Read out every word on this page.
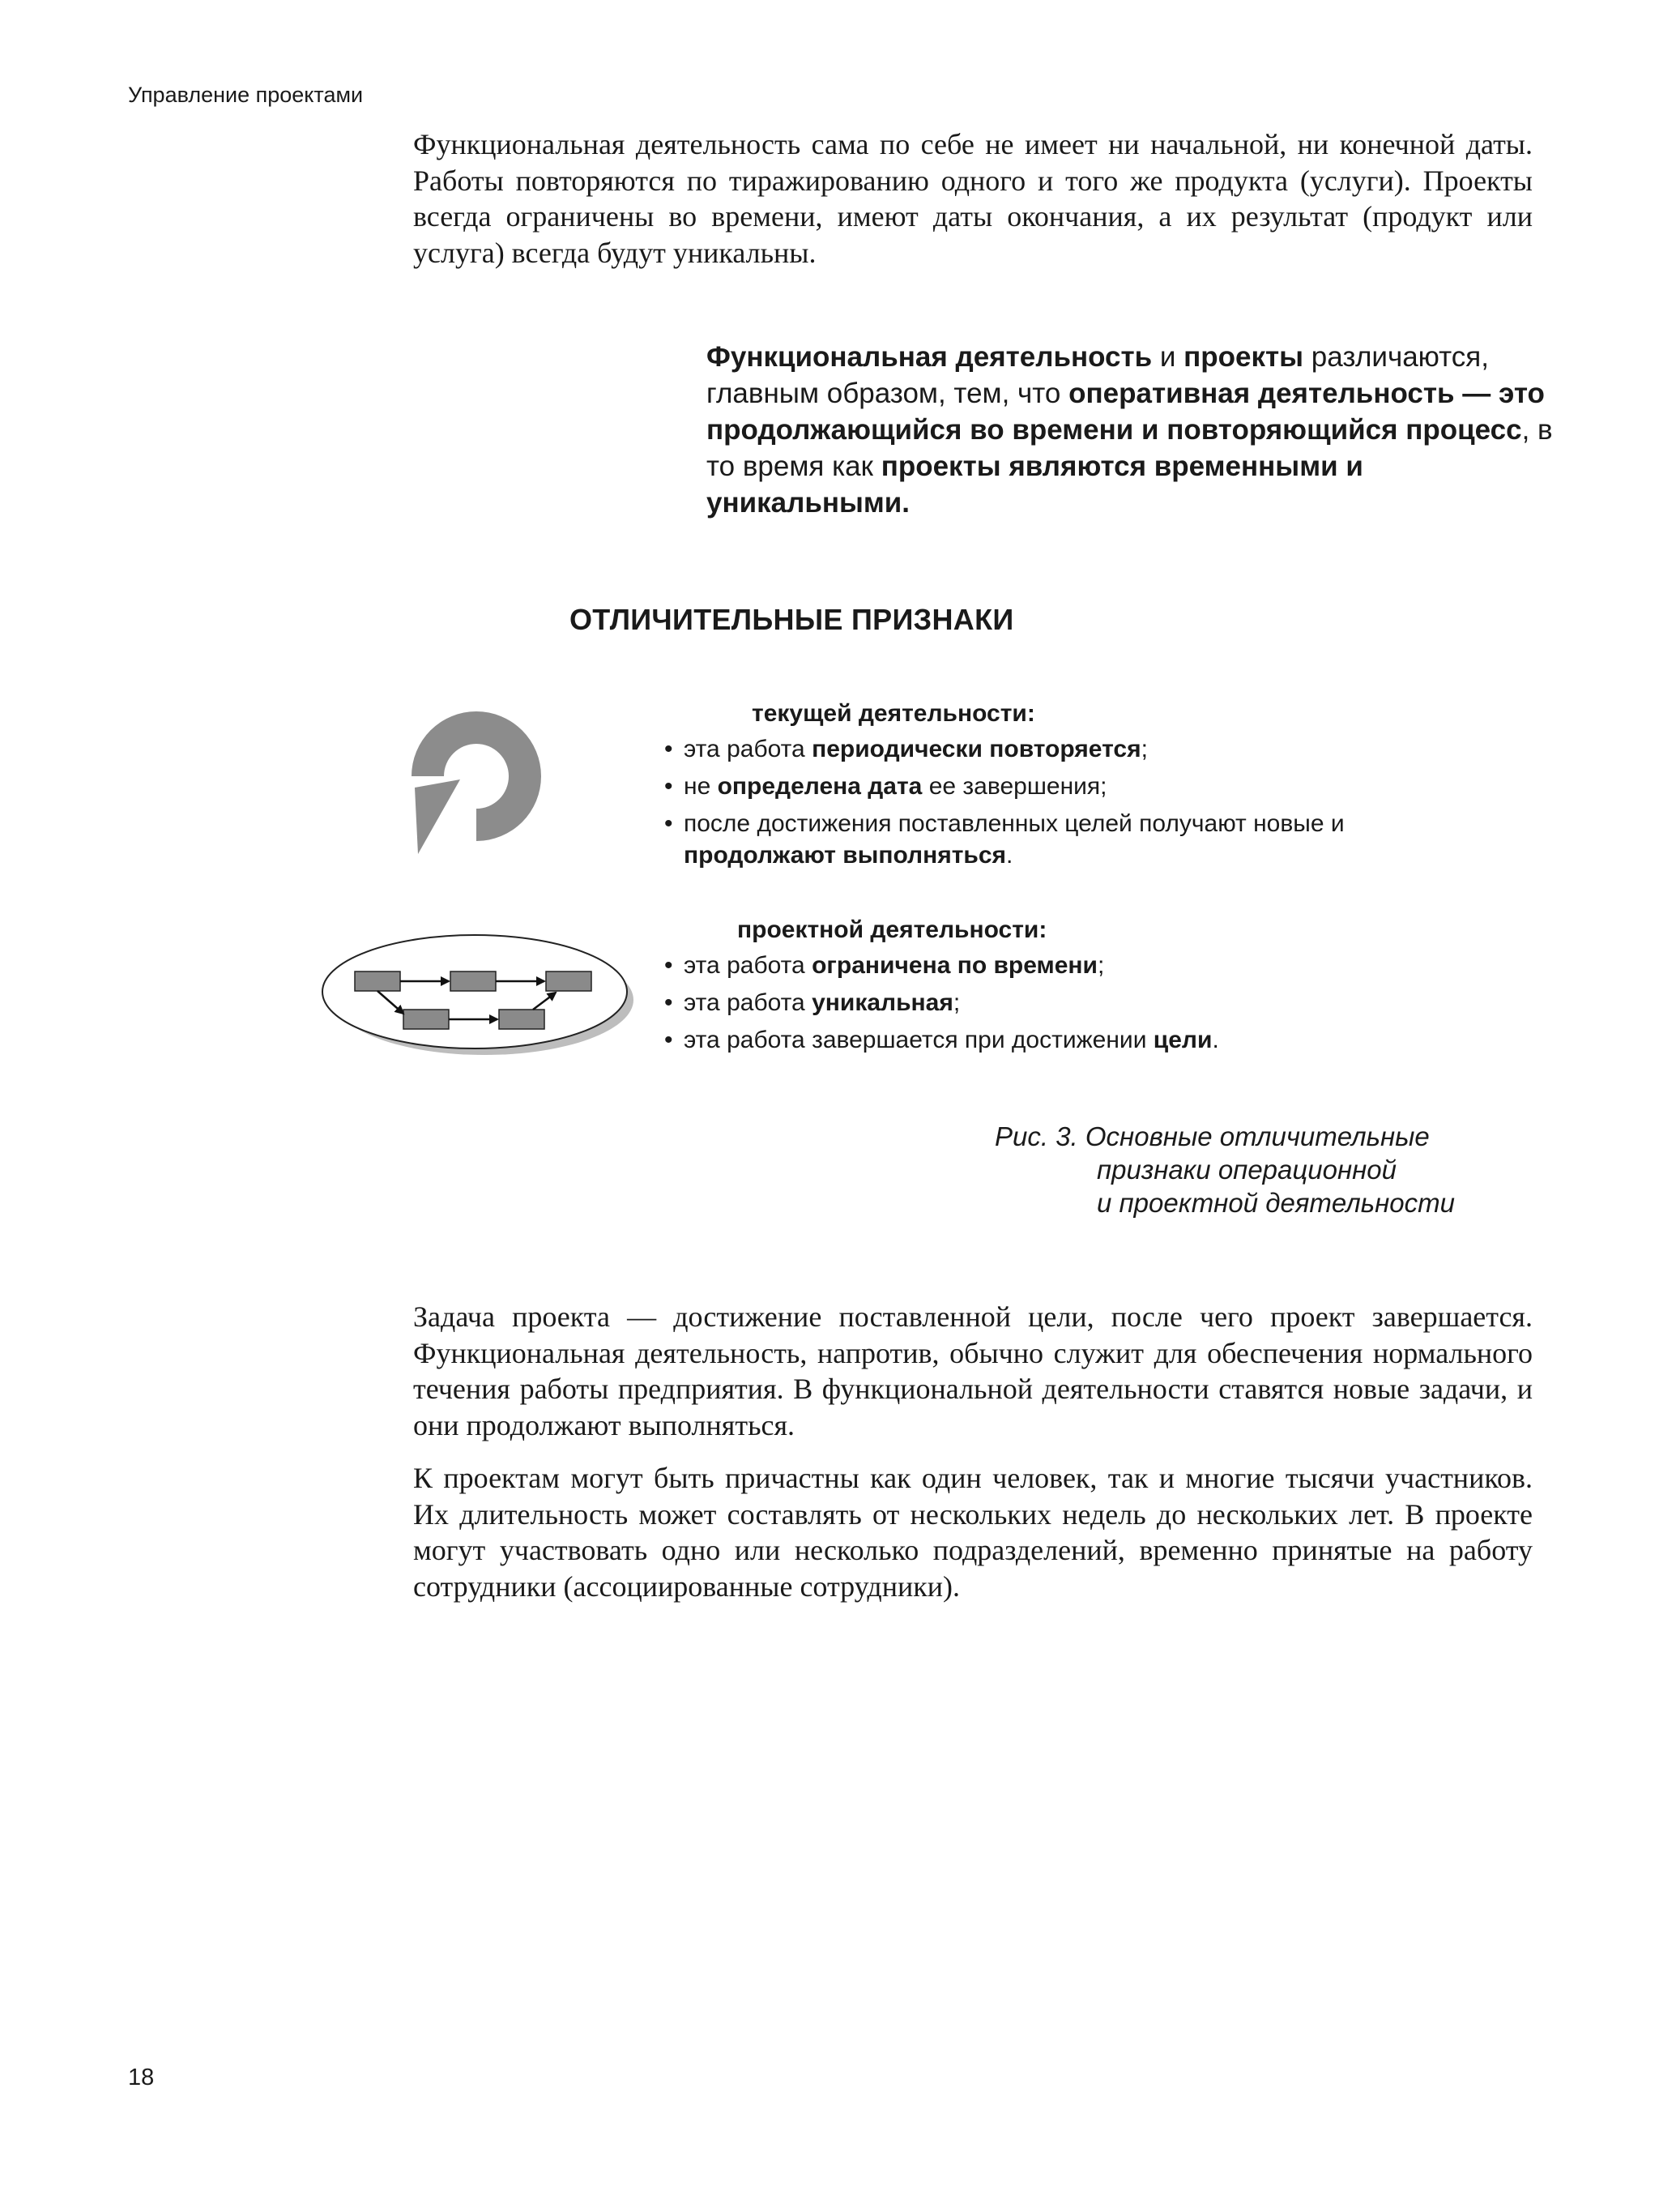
Управление проектами

Функциональная деятельность сама по себе не имеет ни начальной, ни конечной даты. Работы повторяются по тиражированию одного и того же продукта (услуги). Проекты всегда ограничены во времени, имеют даты окончания, а их результат (продукт или услуга) всегда будут уникальны.

Функциональная деятельность и проекты различаются, главным образом, тем, что оперативная деятельность — это продолжающийся во времени и повторяющийся процесс, в то время как проекты являются временными и уникальными.

ОТЛИЧИТЕЛЬНЫЕ ПРИЗНАКИ
текущей деятельности:
• эта работа периодически повторяется;
• не определена дата ее завершения;
• после достижения поставленных целей получают новые и продолжают выполняться.
проектной деятельности:
• эта работа ограничена по времени;
• эта работа уникальная;
• эта работа завершается при достижении цели.
Рис. 3. Основные отличительные
признаки операционной
и проектной деятельности

Задача проекта — достижение поставленной цели, после чего проект завершается. Функциональная деятельность, напротив, обычно служит для обеспечения нормального течения работы предприятия. В функциональной деятельности ставятся новые задачи, и они продолжают выполняться.

К проектам могут быть причастны как один человек, так и многие тысячи участников. Их длительность может составлять от нескольких недель до нескольких лет. В проекте могут участвовать одно или несколько подразделений, временно принятые на работу сотрудники (ассоциированные сотрудники).

18
